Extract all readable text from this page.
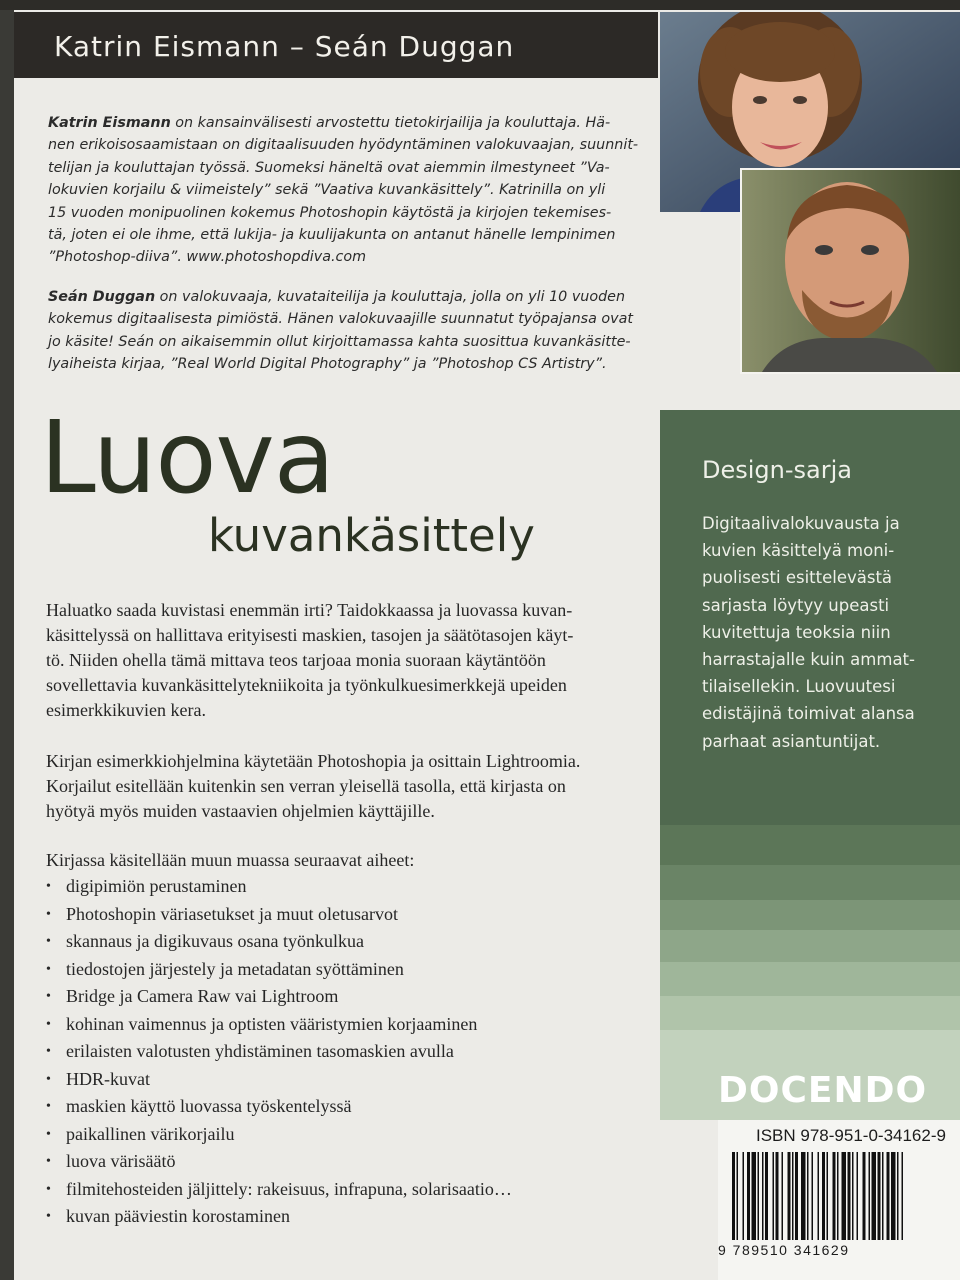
Katrin Eismann – Seán Duggan

Katrin Eismann on kansainvälisesti arvostettu tietokirjailija ja kouluttaja. Hä-
nen erikoisosaamistaan on digitaalisuuden hyödyntäminen valokuvaajan, suunnit-
telijan ja kouluttajan työssä. Suomeksi häneltä ovat aiemmin ilmestyneet ”Va-
lokuvien korjailu & viimeistely” sekä ”Vaativa kuvankäsittely”. Katrinilla on yli
15 vuoden monipuolinen kokemus Photoshopin käytöstä ja kirjojen tekemises-
tä, joten ei ole ihme, että lukija- ja kuulijakunta on antanut hänelle lempinimen
”Photoshop-diiva”. www.photoshopdiva.com

Seán Duggan on valokuvaaja, kuvataiteilija ja kouluttaja, jolla on yli 10 vuoden
kokemus digitaalisesta pimiöstä. Hänen valokuvaajille suunnatut työpajansa ovat
jo käsite! Seán on aikaisemmin ollut kirjoittamassa kahta suosittua kuvankäsitte-
lyaiheista kirjaa, ”Real World Digital Photography” ja ”Photoshop CS Artistry”.

Luova
kuvankäsittely

Haluatko saada kuvistasi enemmän irti? Taidokkaassa ja luovassa kuvan-
käsittelyssä on hallittava erityisesti maskien, tasojen ja säätötasojen käyt-
tö. Niiden ohella tämä mittava teos tarjoaa monia suoraan käytäntöön
sovellettavia kuvankäsittelytekniikoita ja työnkulkuesimerkkejä upeiden
esimerkkikuvien kera.

Kirjan esimerkkiohjelmina käytetään Photoshopia ja osittain Lightroomia.
Korjailut esitellään kuitenkin sen verran yleisellä tasolla, että kirjasta on
hyötyä myös muiden vastaavien ohjelmien käyttäjille.

Kirjassa käsitellään muun muassa seuraavat aiheet:

• digipimiön perustaminen
• Photoshopin väriasetukset ja muut oletusarvot
• skannaus ja digikuvaus osana työnkulkua
• tiedostojen järjestely ja metadatan syöttäminen
• Bridge ja Camera Raw vai Lightroom
• kohinan vaimennus ja optisten vääristymien korjaaminen
• erilaisten valotusten yhdistäminen tasomaskien avulla
• HDR-kuvat
• maskien käyttö luovassa työskentelyssä
• paikallinen värikorjailu
• luova värisäätö
• filmitehosteiden jäljittely: rakeisuus, infrapuna, solarisaatio…
• kuvan pääviestin korostaminen
Design-sarja

Digitaalivalokuvausta ja
kuvien käsittelyä moni-
puolisesti esittelevästä
sarjasta löytyy upeasti
kuvitettuja teoksia niin
harrastajalle kuin ammat-
tilaisellekin. Luovuutesi
edistäjinä toimivat alansa
parhaat asiantuntijat.

DOCENDO
ISBN 978-951-0-34162-9
9 789510 341629
